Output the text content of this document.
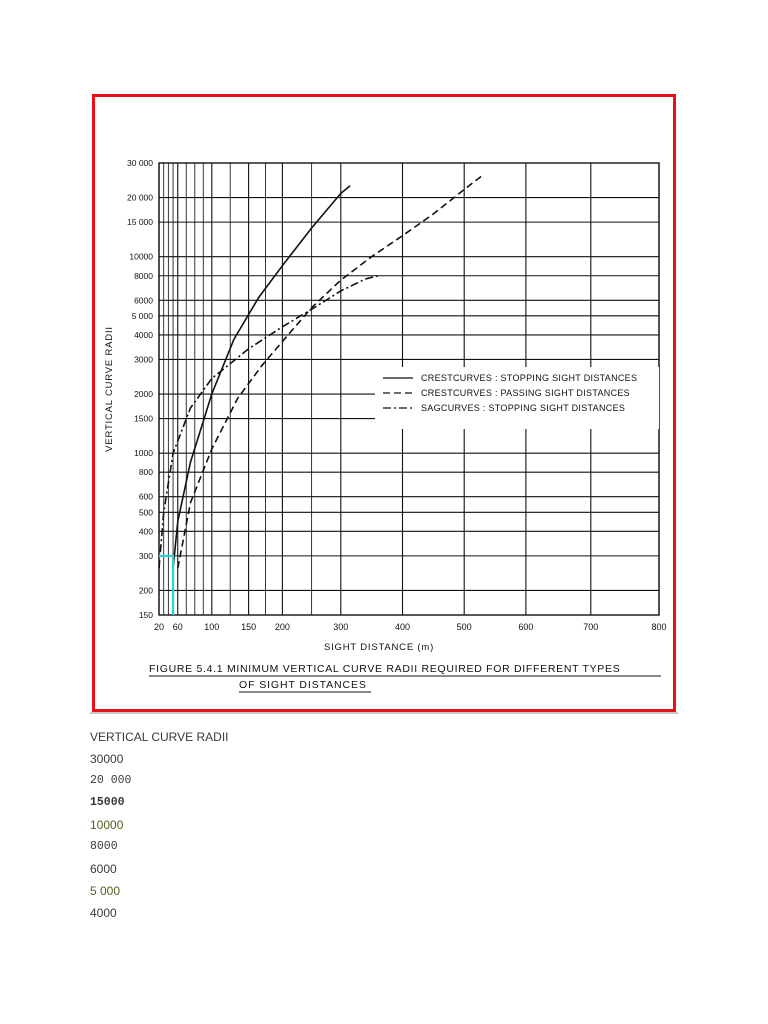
20 60 100 150 200	300	400	500	600	700	800
150
200
300
400
500
600
800
1000
1500
2000
3000
4000
5 000
6000
8000
10000
15 000
20 000
30 000
SIGHT DISTANCE (m)
VERTICAL CURVE RADII	CRESTCURVES : STOPPING SIGHT DISTANCES
CRESTCURVES : PASSING SIGHT DISTANCES
SAGCURVES : STOPPING SIGHT DISTANCES
FIGURE 5.4.1 MINIMUM VERTICAL CURVE RADII REQUIRED FOR DIFFERENT TYPES
OF SIGHT DISTANCES
VERTICAL CURVE RADII
30000
20 000
15000
10000
8000
6000
5 000
4000
